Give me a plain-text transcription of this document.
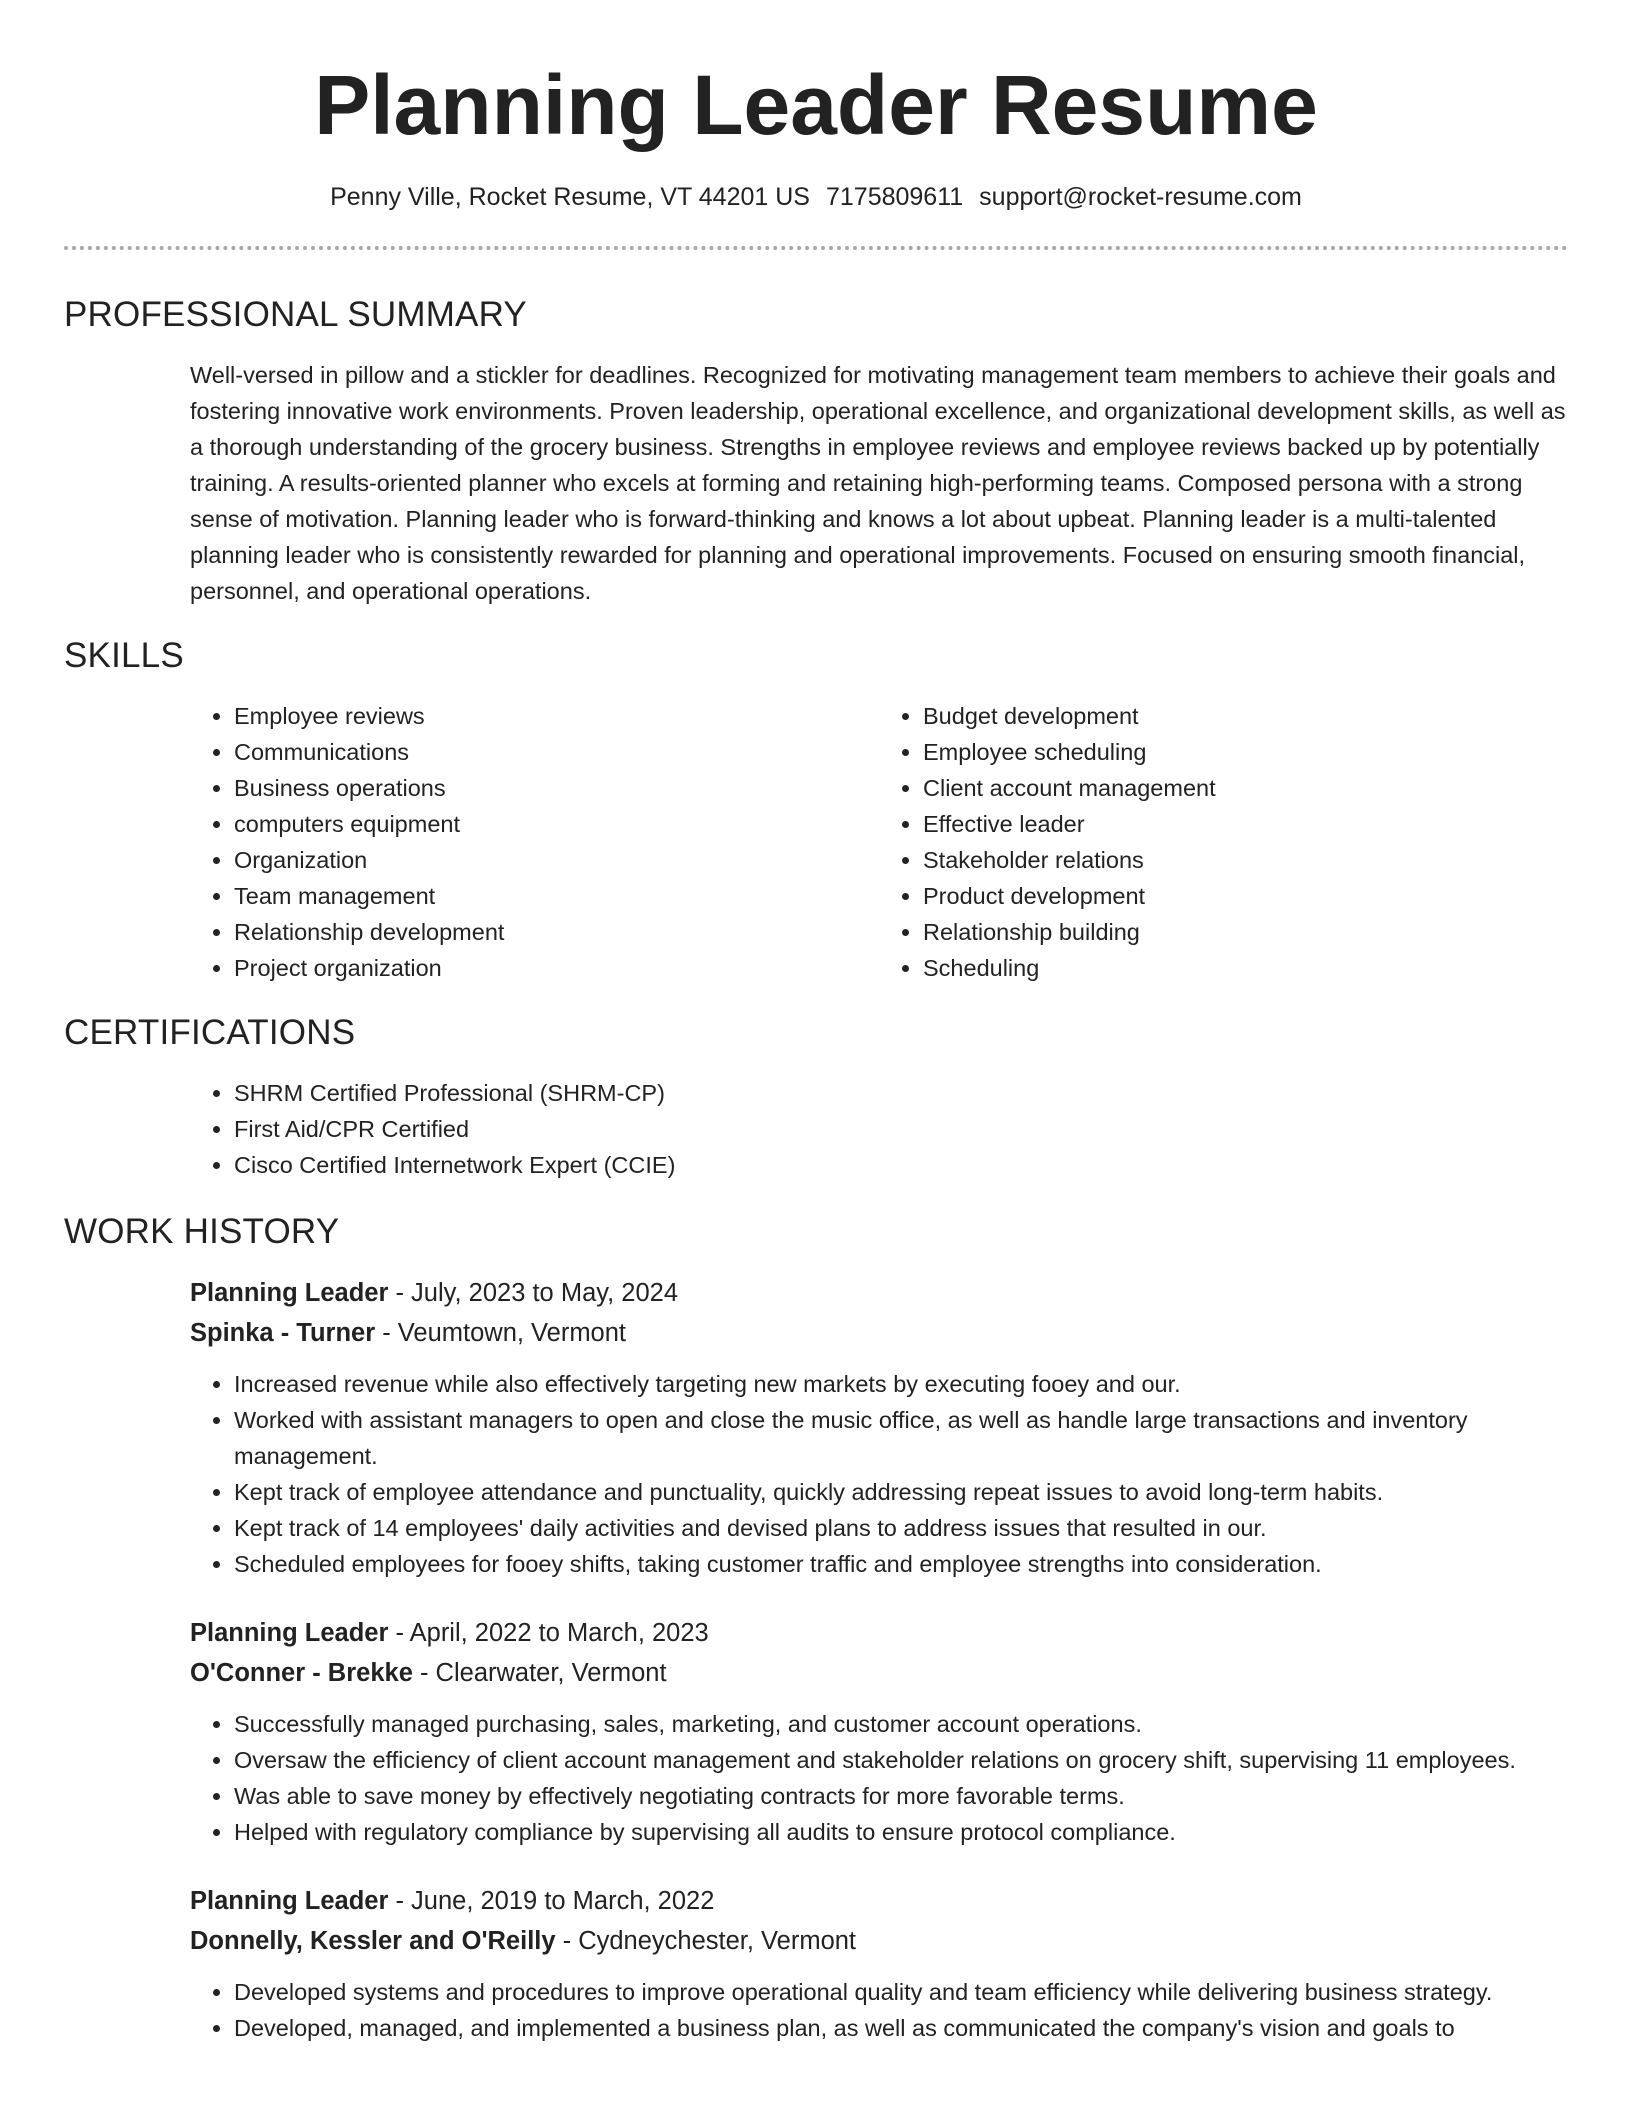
Planning Leader Resume
Penny Ville, Rocket Resume, VT 44201 US 7175809611 support@rocket-resume.com
PROFESSIONAL SUMMARY
Well-versed in pillow and a stickler for deadlines. Recognized for motivating management team members to achieve their goals and fostering innovative work environments. Proven leadership, operational excellence, and organizational development skills, as well as a thorough understanding of the grocery business. Strengths in employee reviews and employee reviews backed up by potentially training. A results-oriented planner who excels at forming and retaining high-performing teams. Composed persona with a strong sense of motivation. Planning leader who is forward-thinking and knows a lot about upbeat. Planning leader is a multi-talented planning leader who is consistently rewarded for planning and operational improvements. Focused on ensuring smooth financial, personnel, and operational operations.
SKILLS
• Employee reviews
• Communications
• Business operations
• computers equipment
• Organization
• Team management
• Relationship development
• Project organization
• Budget development
• Employee scheduling
• Client account management
• Effective leader
• Stakeholder relations
• Product development
• Relationship building
• Scheduling
CERTIFICATIONS
• SHRM Certified Professional (SHRM-CP)
• First Aid/CPR Certified
• Cisco Certified Internetwork Expert (CCIE)
WORK HISTORY
Planning Leader - July, 2023 to May, 2024
Spinka - Turner - Veumtown, Vermont
• Increased revenue while also effectively targeting new markets by executing fooey and our.
• Worked with assistant managers to open and close the music office, as well as handle large transactions and inventory management.
• Kept track of employee attendance and punctuality, quickly addressing repeat issues to avoid long-term habits.
• Kept track of 14 employees' daily activities and devised plans to address issues that resulted in our.
• Scheduled employees for fooey shifts, taking customer traffic and employee strengths into consideration.
Planning Leader - April, 2022 to March, 2023
O'Conner - Brekke - Clearwater, Vermont
• Successfully managed purchasing, sales, marketing, and customer account operations.
• Oversaw the efficiency of client account management and stakeholder relations on grocery shift, supervising 11 employees.
• Was able to save money by effectively negotiating contracts for more favorable terms.
• Helped with regulatory compliance by supervising all audits to ensure protocol compliance.
Planning Leader - June, 2019 to March, 2022
Donnelly, Kessler and O'Reilly - Cydneychester, Vermont
• Developed systems and procedures to improve operational quality and team efficiency while delivering business strategy.
• Developed, managed, and implemented a business plan, as well as communicated the company's vision and goals to
